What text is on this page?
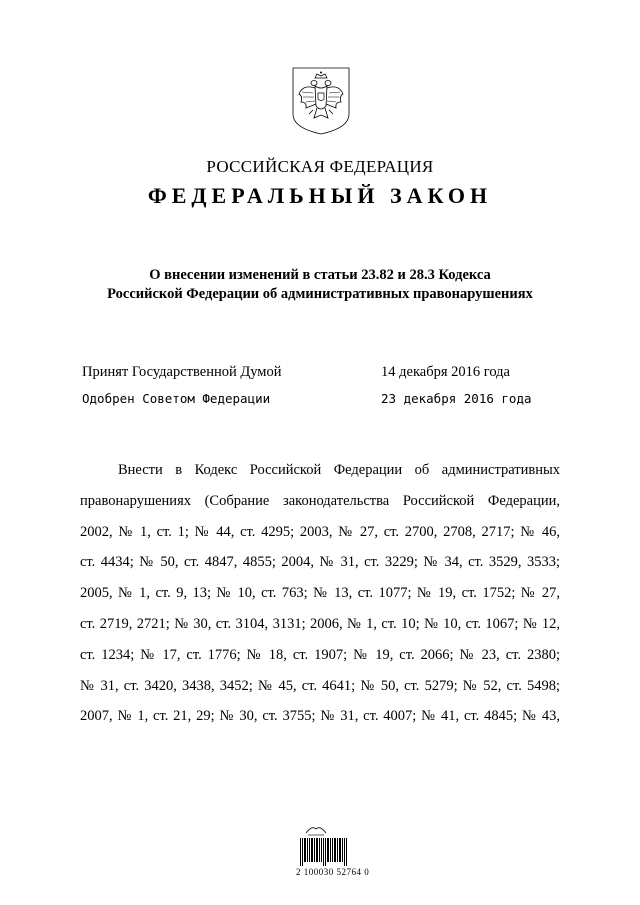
РОССИЙСКАЯ ФЕДЕРАЦИЯ
ФЕДЕРАЛЬНЫЙ ЗАКОН
О внесении изменений в статьи 23.82 и 28.3 Кодекса
Российской Федерации об административных правонарушениях
Принят Государственной Думой	14 декабря 2016 года
Одобрен Советом Федерации	23 декабря 2016 года
Внести в Кодекс Российской Федерации об административных
правонарушениях (Собрание законодательства Российской Федерации,
2002, № 1, ст. 1; № 44, ст. 4295; 2003, № 27, ст. 2700, 2708, 2717; № 46,
ст. 4434; № 50, ст. 4847, 4855; 2004, № 31, ст. 3229; № 34, ст. 3529, 3533;
2005, № 1, ст. 9, 13; № 10, ст. 763; № 13, ст. 1077; № 19, ст. 1752; № 27,
ст. 2719, 2721; № 30, ст. 3104, 3131; 2006, № 1, ст. 10; № 10, ст. 1067; № 12,
ст. 1234; № 17, ст. 1776; № 18, ст. 1907; № 19, ст. 2066; № 23, ст. 2380;
№ 31, ст. 3420, 3438, 3452; № 45, ст. 4641; № 50, ст. 5279; № 52, ст. 5498;
2007, № 1, ст. 21, 29; № 30, ст. 3755; № 31, ст. 4007; № 41, ст. 4845; № 43,
2 100030 52764 0
